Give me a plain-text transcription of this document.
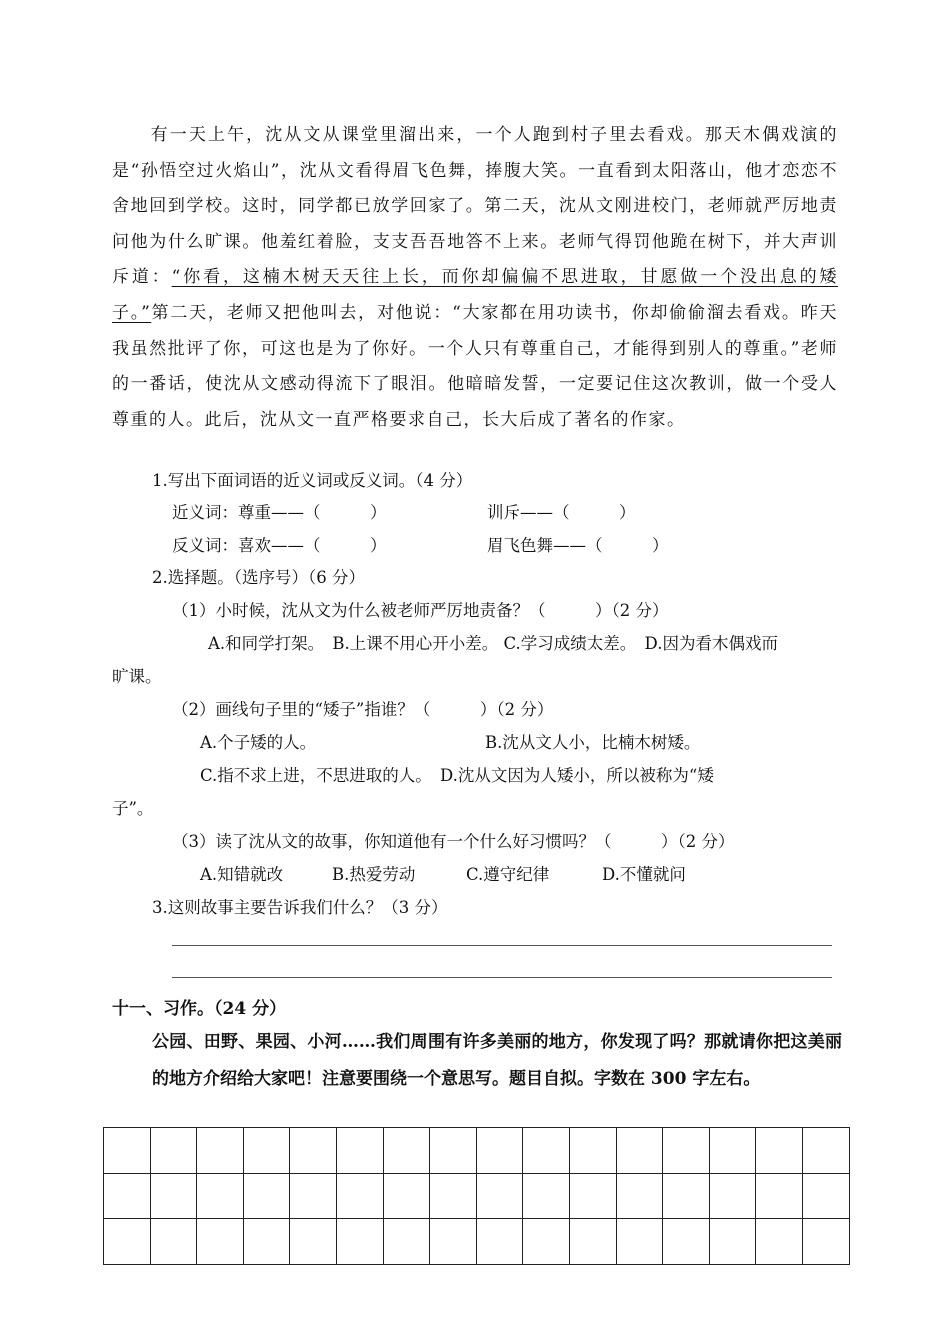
有一天上午，沈从文从课堂里溜出来，一个人跑到村子里去看戏。那天木偶戏演的是“孙悟空过火焰山”，沈从文看得眉飞色舞，捧腹大笑。一直看到太阳落山，他才恋恋不舍地回到学校。这时，同学都已放学回家了。第二天，沈从文刚进校门，老师就严厉地责问他为什么旷课。他羞红着脸，支支吾吾地答不上来。老师气得罚他跪在树下，并大声训斥道：“你看，这楠木树天天往上长，而你却偏偏不思进取，甘愿做一个没出息的矮子。”第二天，老师又把他叫去，对他说：“大家都在用功读书，你却偷偷溜去看戏。昨天我虽然批评了你，可这也是为了你好。一个人只有尊重自己，才能得到别人的尊重。”老师的一番话，使沈从文感动得流下了眼泪。他暗暗发誓，一定要记住这次教训，做一个受人尊重的人。此后，沈从文一直严格要求自己，长大后成了著名的作家。

1.写出下面词语的近义词或反义词。（4 分）
近义词：尊重——（　　　）	训斥——（　　　）
反义词：喜欢——（　　　）	眉飞色舞——（　　　）
2.选择题。（选序号）（6 分）
（1）小时候，沈从文为什么被老师严厉地责备？（　　　）（2 分）
A.和同学打架。　B.上课不用心开小差。 C.学习成绩太差。　D.因为看木偶戏而
旷课。
（2）画线句子里的“矮子”指谁？（　　　）（2 分）
A.个子矮的人。	B.沈从文人小，比楠木树矮。
C.指不求上进，不思进取的人。　D.沈从文因为人矮小，所以被称为“矮
子”。
（3）读了沈从文的故事，你知道他有一个什么好习惯吗？（　　　）（2 分）
A.知错就改	B.热爱劳动	C.遵守纪律	D.不懂就问
3.这则故事主要告诉我们什么？（3 分）
十一、习作。（24 分）

公园、田野、果园、小河……我们周围有许多美丽的地方，你发现了吗？那就请你把这美丽的地方介绍给大家吧！注意要围绕一个意思写。题目自拟。字数在 300 字左右。
